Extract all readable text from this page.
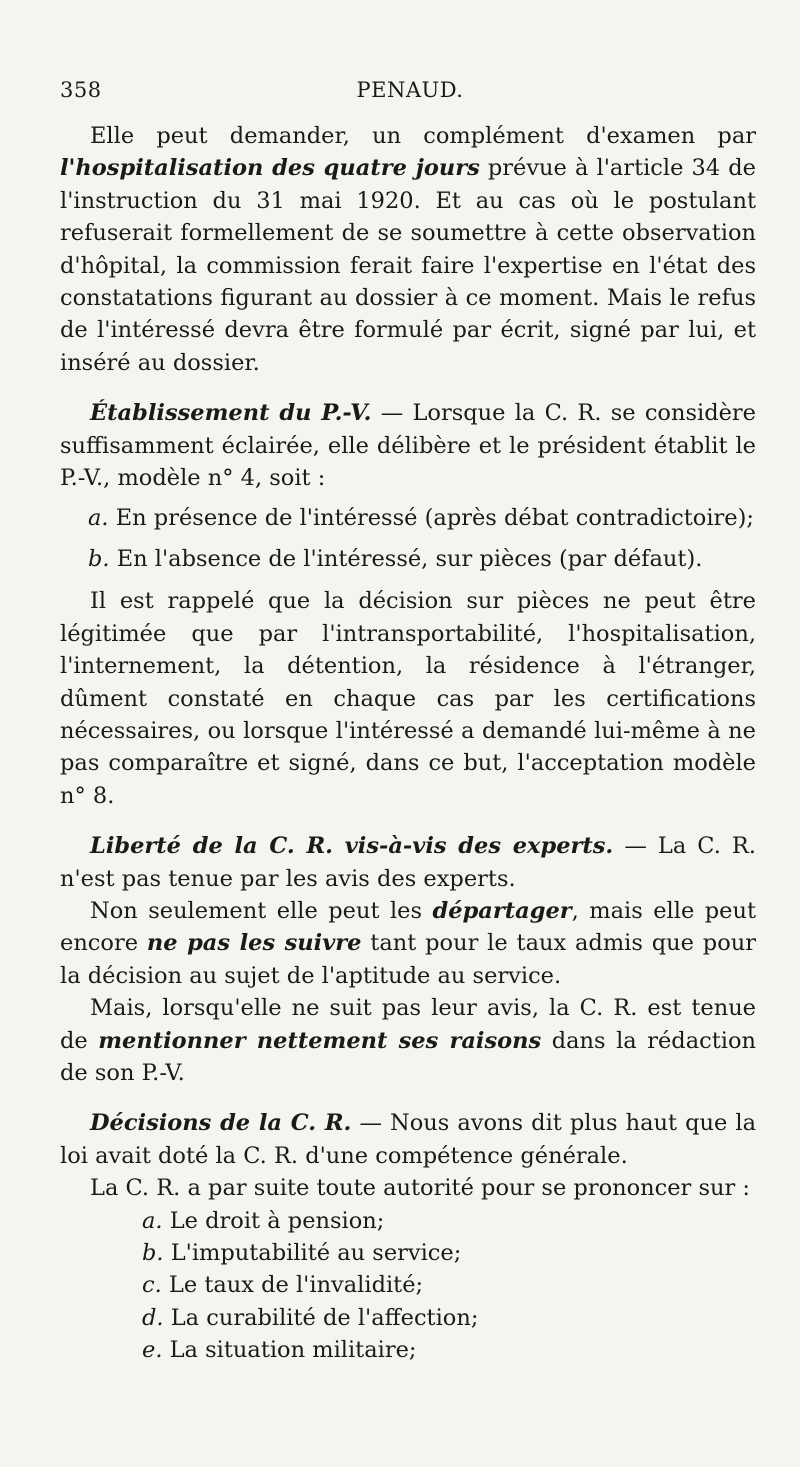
358	PENAUD.

Elle peut demander, un complément d'examen par l'hospitalisation des quatre jours prévue à l'article 34 de l'instruction du 31 mai 1920. Et au cas où le postulant refuserait formellement de se soumettre à cette observation d'hôpital, la commission ferait faire l'expertise en l'état des constatations figurant au dossier à ce moment. Mais le refus de l'intéressé devra être formulé par écrit, signé par lui, et inséré au dossier.

Établissement du P.-V. — Lorsque la C. R. se considère suffisamment éclairée, elle délibère et le président établit le P.-V., modèle n° 4, soit :

a. En présence de l'intéressé (après débat contradictoire);

b. En l'absence de l'intéressé, sur pièces (par défaut).

Il est rappelé que la décision sur pièces ne peut être légitimée que par l'intransportabilité, l'hospitalisation, l'internement, la détention, la résidence à l'étranger, dûment constaté en chaque cas par les certifications nécessaires, ou lorsque l'intéressé a demandé lui-même à ne pas comparaître et signé, dans ce but, l'acceptation modèle n° 8.

Liberté de la C. R. vis-à-vis des experts. — La C. R. n'est pas tenue par les avis des experts.

Non seulement elle peut les départager, mais elle peut encore ne pas les suivre tant pour le taux admis que pour la décision au sujet de l'aptitude au service.

Mais, lorsqu'elle ne suit pas leur avis, la C. R. est tenue de mentionner nettement ses raisons dans la rédaction de son P.-V.

Décisions de la C. R. — Nous avons dit plus haut que la loi avait doté la C. R. d'une compétence générale.

La C. R. a par suite toute autorité pour se prononcer sur :

a. Le droit à pension;

b. L'imputabilité au service;

c. Le taux de l'invalidité;

d. La curabilité de l'affection;

e. La situation militaire;
